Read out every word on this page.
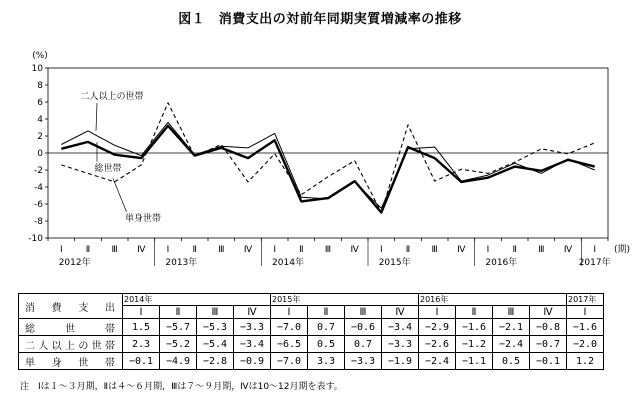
図１　消費支出の対前年同期実質増減率の推移
10
8
6
4
2
0
-2
-4
-6
-8
-10
(%)
Ⅰ	Ⅱ Ⅲ Ⅳ Ⅰ	Ⅱ Ⅲ Ⅳ Ⅰ	Ⅱ Ⅲ Ⅳ Ⅰ	Ⅱ Ⅲ Ⅳ Ⅰ	Ⅱ Ⅲ Ⅳ Ⅰ (期)
2012年	2013年	2014年	2015年	2016年	2017年
二人以上の世帯
総世帯
単身世帯
消費支出	2014年				2015年				2016年				2017年
	Ⅰ	Ⅱ	Ⅲ	Ⅳ	Ⅰ	Ⅱ	Ⅲ	Ⅳ	Ⅰ	Ⅱ	Ⅲ	Ⅳ	Ⅰ
総世帯	1.5	−5.7	−5.3	−3.3	−7.0	0.7	−0.6	−3.4	−2.9	−1.6	−2.1	−0.8	−1.6
二人以上の世帯	2.3	−5.2	−5.4	−3.4	−6.5	0.5	0.7	−3.3	−2.6	−1.2	−2.4	−0.7	−2.0
単身世帯	−0.1	−4.9	−2.8	−0.9	−7.0	3.3	−3.3	−1.9	−2.4	−1.1	0.5	−0.1	1.2
注　Ⅰは１～３月期，Ⅱは４～６月期，Ⅲは７～９月期，Ⅳは10～12月期を表す。
